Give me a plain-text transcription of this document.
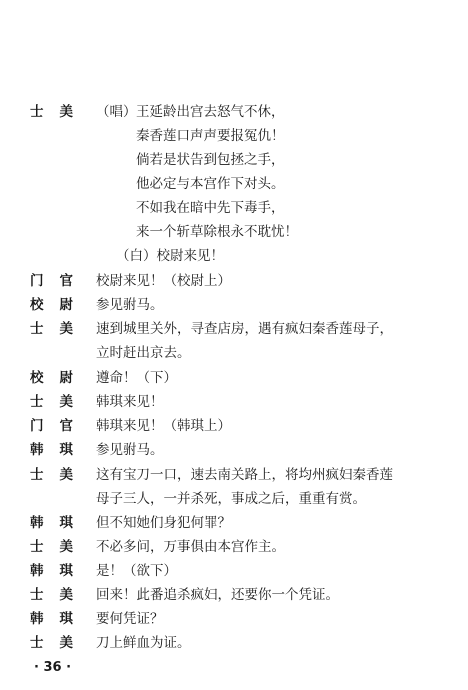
士美 （唱） 王延龄出宫去怒气不休，
秦香莲口声声要报冤仇！
倘若是状告到包拯之手，
他必定与本宫作下对头。
不如我在暗中先下毒手，
来一个斩草除根永不耽忧！
（白）校尉来见！
门官 校尉来见！（校尉上）
校尉 参见驸马。
士美 速到城里关外，寻查店房，遇有疯妇秦香莲母子，
立时赶出京去。
校尉 遵命！（下）
士美 韩琪来见！
门官 韩琪来见！（韩琪上）
韩琪 参见驸马。
士美 这有宝刀一口，速去南关路上，将均州疯妇秦香莲
母子三人，一并杀死，事成之后，重重有赏。
韩琪 但不知她们身犯何罪？
士美 不必多问，万事俱由本宫作主。
韩琪 是！（欲下）
士美 回来！此番追杀疯妇，还要你一个凭证。
韩琪 要何凭证？
士美 刀上鲜血为证。
· 36 ·
